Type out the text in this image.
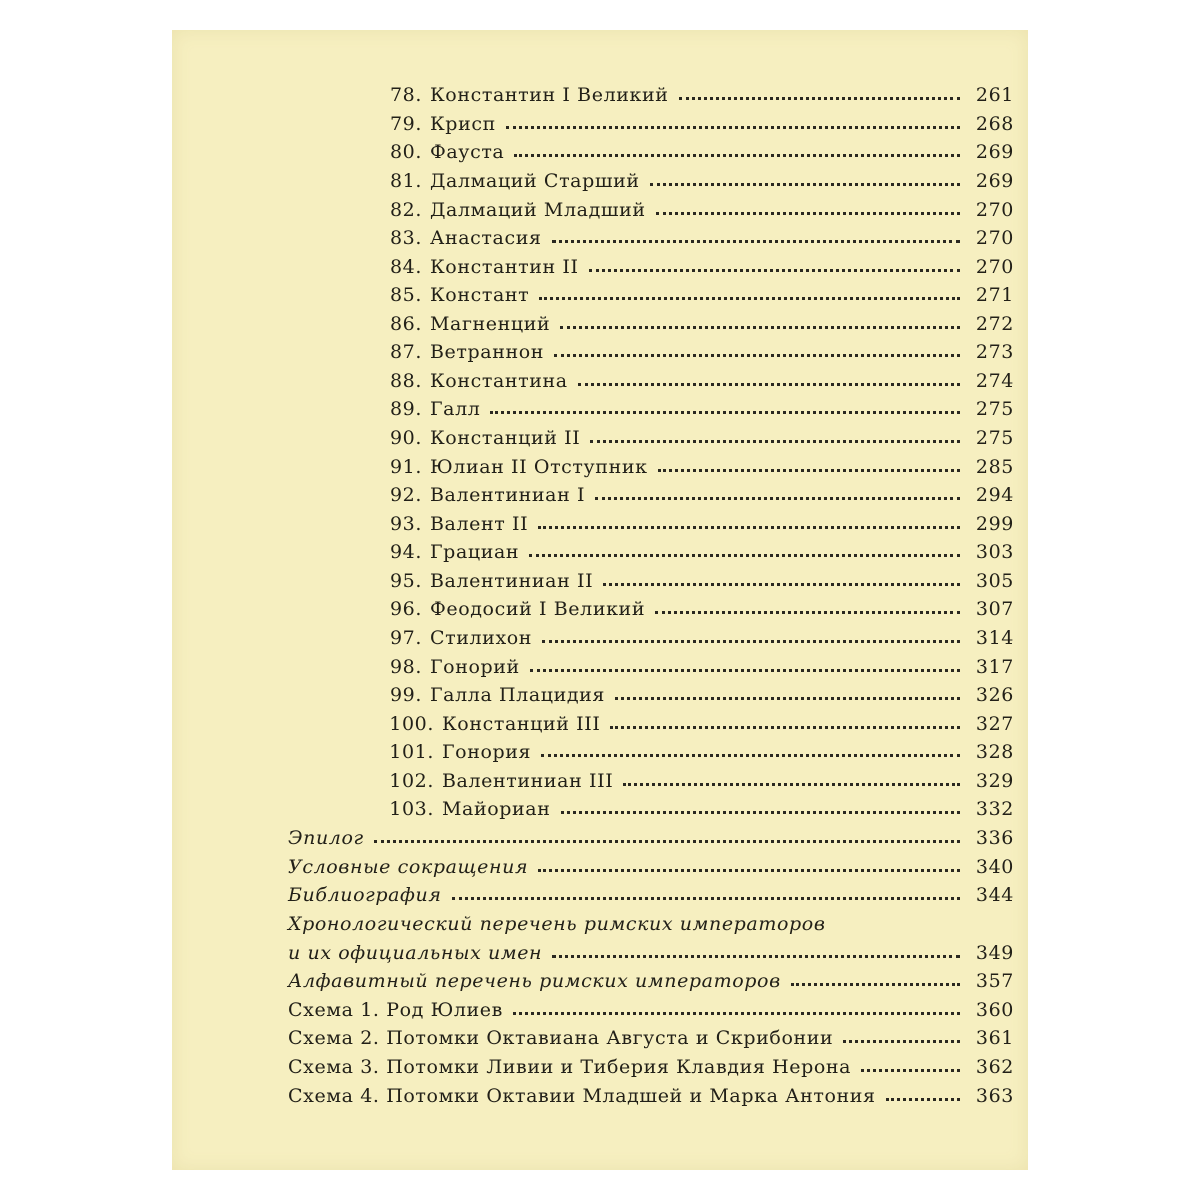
78. Константин I Великий	261
79. Крисп	268
80. Фауста	269
81. Далмаций Старший	269
82. Далмаций Младший	270
83. Анастасия	270
84. Константин II	270
85. Констант	271
86. Магненций	272
87. Ветраннон	273
88. Константина	274
89. Галл	275
90. Констанций II	275
91. Юлиан II Отступник	285
92. Валентиниан I	294
93. Валент II	299
94. Грациан	303
95. Валентиниан II	305
96. Феодосий I Великий	307
97. Стилихон	314
98. Гонорий	317
99. Галла Плацидия	326
100. Констанций III	327
101. Гонория	328
102. Валентиниан III	329
103. Майориан	332
Эпилог	336
Условные сокращения	340
Библиография	344
Хронологический перечень римских императоров
и их официальных имен	349
Алфавитный перечень римских императоров	357
Схема 1. Род Юлиев	360
Схема 2. Потомки Октавиана Августа и Скрибонии	361
Схема 3. Потомки Ливии и Тиберия Клавдия Нерона	362
Схема 4. Потомки Октавии Младшей и Марка Антония	363
